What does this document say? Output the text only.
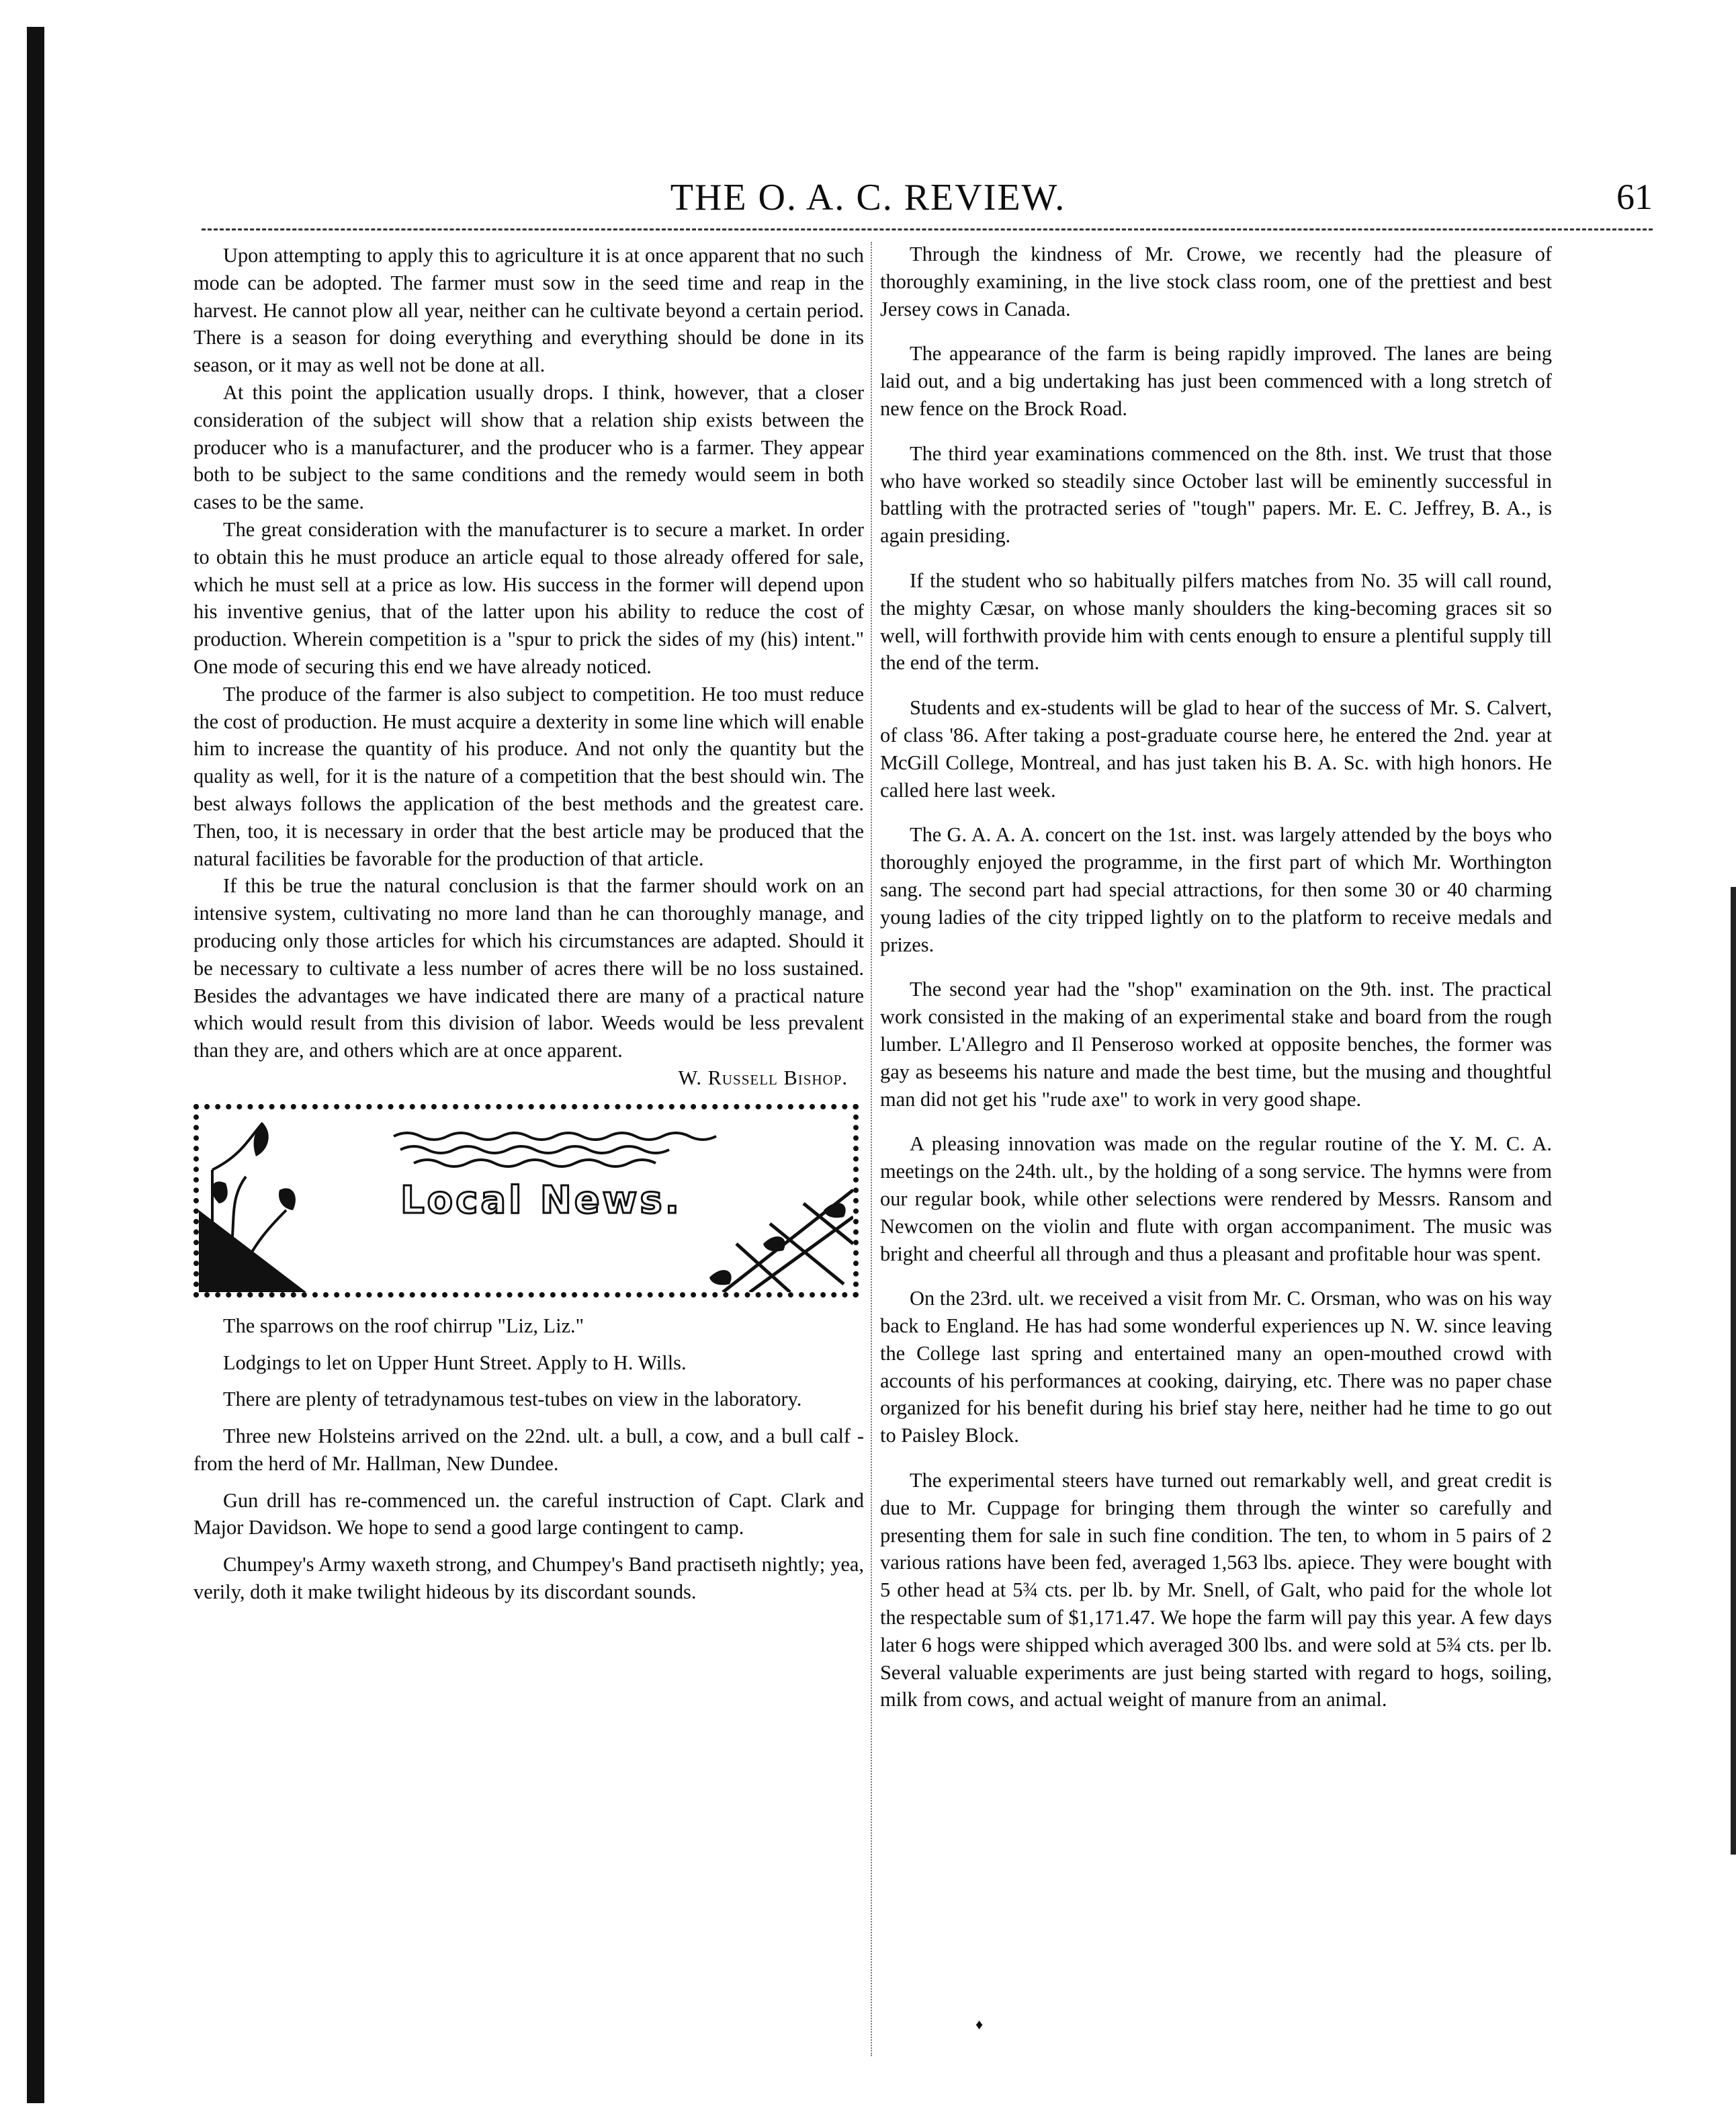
THE O. A. C. REVIEW.	61

Upon attempting to apply this to agriculture it is at once apparent that no such mode can be adopted. The farmer must sow in the seed time and reap in the harvest. He cannot plow all year, neither can he cultivate beyond a certain period. There is a season for doing everything and everything should be done in its season, or it may as well not be done at all.

At this point the application usually drops. I think, however, that a closer consideration of the subject will show that a relation ship exists between the producer who is a manufacturer, and the producer who is a farmer. They appear both to be subject to the same conditions and the remedy would seem in both cases to be the same.

The great consideration with the manufacturer is to secure a market. In order to obtain this he must produce an article equal to those already offered for sale, which he must sell at a price as low. His success in the former will depend upon his inventive genius, that of the latter upon his ability to reduce the cost of production. Wherein competition is a "spur to prick the sides of my (his) intent." One mode of securing this end we have already noticed.

The produce of the farmer is also subject to competition. He too must reduce the cost of production. He must acquire a dexterity in some line which will enable him to increase the quantity of his produce. And not only the quantity but the quality as well, for it is the nature of a competition that the best should win. The best always follows the application of the best methods and the greatest care. Then, too, it is necessary in order that the best article may be produced that the natural facilities be favorable for the production of that article.

If this be true the natural conclusion is that the farmer should work on an intensive system, cultivating no more land than he can thoroughly manage, and producing only those articles for which his circumstances are adapted. Should it be necessary to cultivate a less number of acres there will be no loss sustained. Besides the advantages we have indicated there are many of a practical nature which would result from this division of labor. Weeds would be less prevalent than they are, and others which are at once apparent.

W. Russell Bishop.
Local News.

The sparrows on the roof chirrup "Liz, Liz."

Lodgings to let on Upper Hunt Street. Apply to H. Wills.

There are plenty of tetradynamous test-tubes on view in the laboratory.

Three new Holsteins arrived on the 22nd. ult. a bull, a cow, and a bull calf - from the herd of Mr. Hallman, New Dundee.

Gun drill has re-commenced un. the careful instruction of Capt. Clark and Major Davidson. We hope to send a good large contingent to camp.

Chumpey's Army waxeth strong, and Chumpey's Band practiseth nightly; yea, verily, doth it make twilight hideous by its discordant sounds.

Through the kindness of Mr. Crowe, we recently had the pleasure of thoroughly examining, in the live stock class room, one of the prettiest and best Jersey cows in Canada.

The appearance of the farm is being rapidly improved. The lanes are being laid out, and a big undertaking has just been commenced with a long stretch of new fence on the Brock Road.

The third year examinations commenced on the 8th. inst. We trust that those who have worked so steadily since October last will be eminently successful in battling with the protracted series of "tough" papers. Mr. E. C. Jeffrey, B. A., is again presiding.

If the student who so habitually pilfers matches from No. 35 will call round, the mighty Cæsar, on whose manly shoulders the king-becoming graces sit so well, will forthwith provide him with cents enough to ensure a plentiful supply till the end of the term.

Students and ex-students will be glad to hear of the success of Mr. S. Calvert, of class '86. After taking a post-graduate course here, he entered the 2nd. year at McGill College, Montreal, and has just taken his B. A. Sc. with high honors. He called here last week.

The G. A. A. A. concert on the 1st. inst. was largely attended by the boys who thoroughly enjoyed the programme, in the first part of which Mr. Worthington sang. The second part had special attractions, for then some 30 or 40 charming young ladies of the city tripped lightly on to the platform to receive medals and prizes.

The second year had the "shop" examination on the 9th. inst. The practical work consisted in the making of an experimental stake and board from the rough lumber. L'Allegro and Il Penseroso worked at opposite benches, the former was gay as beseems his nature and made the best time, but the musing and thoughtful man did not get his "rude axe" to work in very good shape.

A pleasing innovation was made on the regular routine of the Y. M. C. A. meetings on the 24th. ult., by the holding of a song service. The hymns were from our regular book, while other selections were rendered by Messrs. Ransom and Newcomen on the violin and flute with organ accompaniment. The music was bright and cheerful all through and thus a pleasant and profitable hour was spent.

On the 23rd. ult. we received a visit from Mr. C. Orsman, who was on his way back to England. He has had some wonderful experiences up N. W. since leaving the College last spring and entertained many an open-mouthed crowd with accounts of his performances at cooking, dairying, etc. There was no paper chase organized for his benefit during his brief stay here, neither had he time to go out to Paisley Block.

The experimental steers have turned out remarkably well, and great credit is due to Mr. Cuppage for bringing them through the winter so carefully and presenting them for sale in such fine condition. The ten, to whom in 5 pairs of 2 various rations have been fed, averaged 1,563 lbs. apiece. They were bought with 5 other head at 5¾ cts. per lb. by Mr. Snell, of Galt, who paid for the whole lot the respectable sum of $1,171.47. We hope the farm will pay this year. A few days later 6 hogs were shipped which averaged 300 lbs. and were sold at 5¾ cts. per lb. Several valuable experiments are just being started with regard to hogs, soiling, milk from cows, and actual weight of manure from an animal.

♦
